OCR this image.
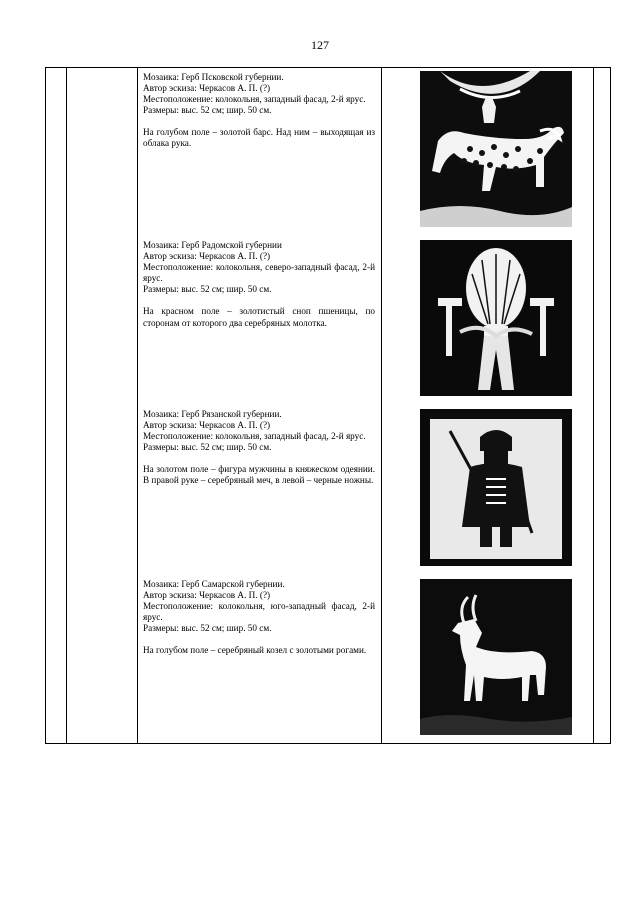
127

Мозаика: Герб Псковской губернии.

Автор эскиза: Черкасов А. П. (?)

Местоположение: колокольня, западный фасад, 2-й ярус.

Размеры: выс. 52 см; шир. 50 см.

На голубом поле – золотой барс. Над ним – выходящая из облака рука.

Мозаика: Герб Радомской губернии

Автор эскиза: Черкасов А. П. (?)

Местоположение: колокольня, северо-западный фасад, 2-й ярус.

Размеры: выс. 52 см; шир. 50 см.

На красном поле – золотистый сноп пшеницы, по сторонам от которого два серебряных молотка.

Мозаика: Герб Рязанской губернии.

Автор эскиза: Черкасов А. П. (?)

Местоположение: колокольня, западный фасад, 2-й ярус.

Размеры: выс. 52 см; шир. 50 см.

На золотом поле – фигура мужчины в княжеском одеянии. В правой руке – серебряный меч, в левой – черные ножны.

Мозаика: Герб Самарской губернии.

Автор эскиза: Черкасов А. П. (?)

Местоположение: колокольня, юго-западный фасад, 2-й ярус.

Размеры: выс. 52 см; шир. 50 см.

На голубом поле – серебряный козел с золотыми рогами.
